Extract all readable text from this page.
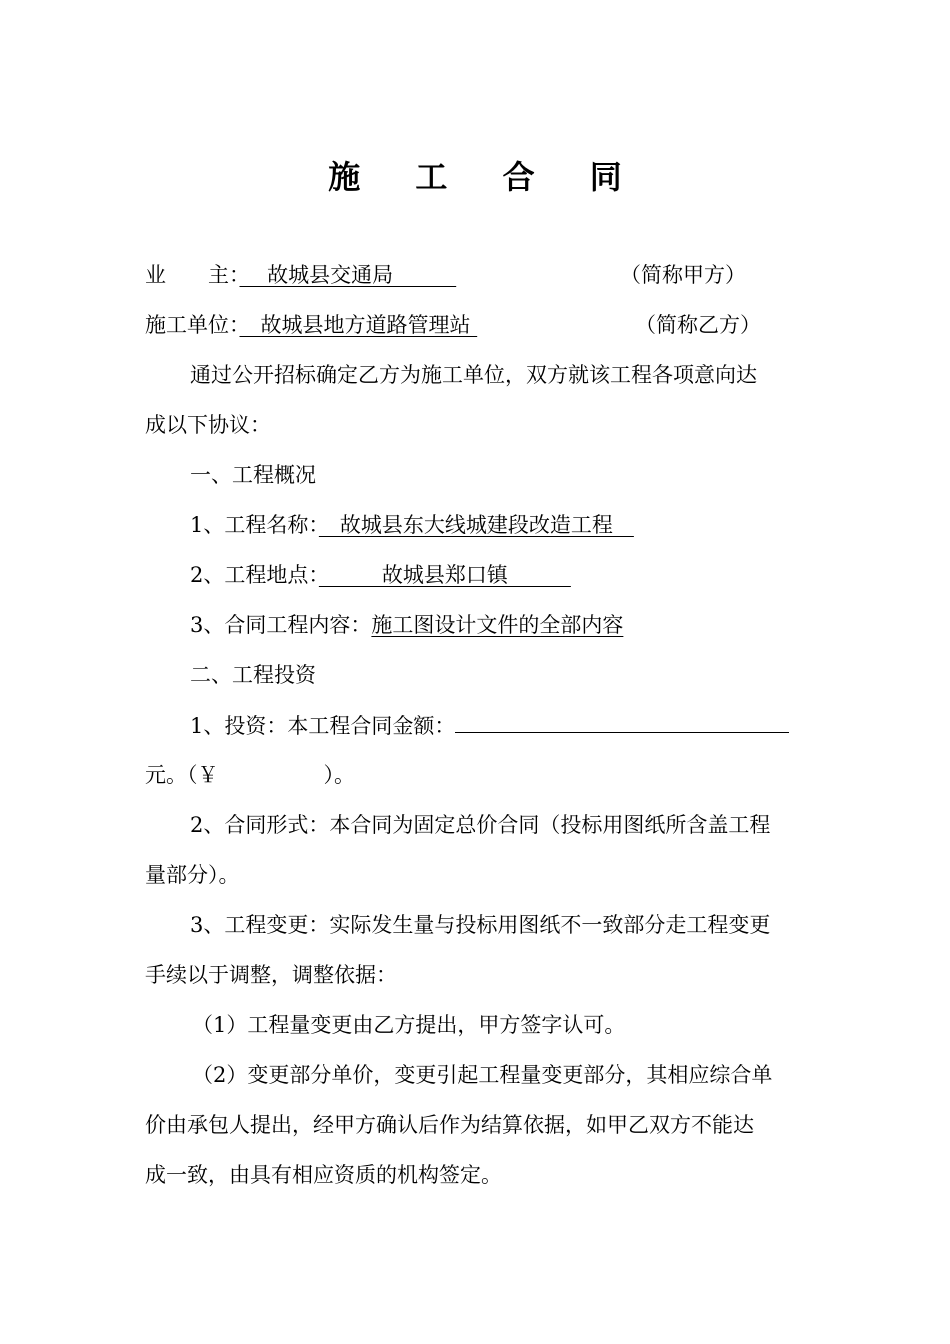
施 工 合 同
业　　主：　 故城县交通局　　　	（简称甲方）
施工单位：　故城县地方道路管理站	（简称乙方）
通过公开招标确定乙方为施工单位，双方就该工程各项意向达
成以下协议：
一、工程概况
1、工程名称：　故城县东大线城建段改造工程　
2、工程地点：　　　故城县郑口镇　　　
3、合同工程内容：施工图设计文件的全部内容
二、工程投资
1、投资：本工程合同金额：
元。（￥　　　　　）。
2、合同形式：本合同为固定总价合同（投标用图纸所含盖工程
量部分）。
3、工程变更：实际发生量与投标用图纸不一致部分走工程变更
手续以于调整，调整依据：
（1）工程量变更由乙方提出，甲方签字认可。
（2）变更部分单价，变更引起工程量变更部分，其相应综合单
价由承包人提出，经甲方确认后作为结算依据，如甲乙双方不能达
成一致，由具有相应资质的机构签定。
